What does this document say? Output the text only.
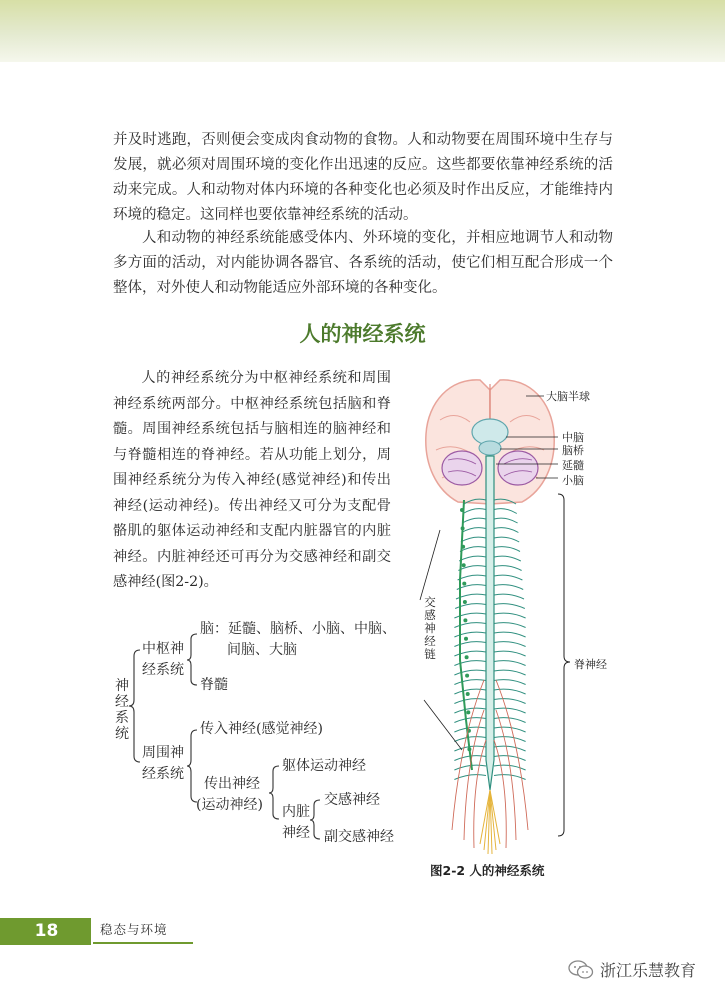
并及时逃跑，否则便会变成肉食动物的食物。人和动物要在周围环境中生存与发展，就必须对周围环境的变化作出迅速的反应。这些都要依靠神经系统的活动来完成。人和动物对体内环境的各种变化也必须及时作出反应，才能维持内环境的稳定。这同样也要依靠神经系统的活动。

人和动物的神经系统能感受体内、外环境的变化，并相应地调节人和动物多方面的活动，对内能协调各器官、各系统的活动，使它们相互配合形成一个整体，对外使人和动物能适应外部环境的各种变化。

人的神经系统

人的神经系统分为中枢神经系统和周围神经系统两部分。中枢神经系统包括脑和脊髓。周围神经系统包括与脑相连的脑神经和与脊髓相连的脊神经。若从功能上划分，周围神经系统分为传入神经(感觉神经)和传出神经(运动神经)。传出神经又可分为支配骨骼肌的躯体运动神经和支配内脏器官的内脏神经。内脏神经还可再分为交感神经和副交感神经(图2-2)。

神经系统
中枢神
经系统
脑：延髓、脑桥、小脑、中脑、
间脑、大脑
脊髓
周围神
经系统
传入神经(感觉神经)
传出神经
(运动神经)
躯体运动神经
内脏
神经
交感神经
副交感神经
大脑半球
中脑
脑桥
延髓
小脑
交感神经链
脊神经
图2-2 人的神经系统
18	稳态与环境
浙江乐慧教育
